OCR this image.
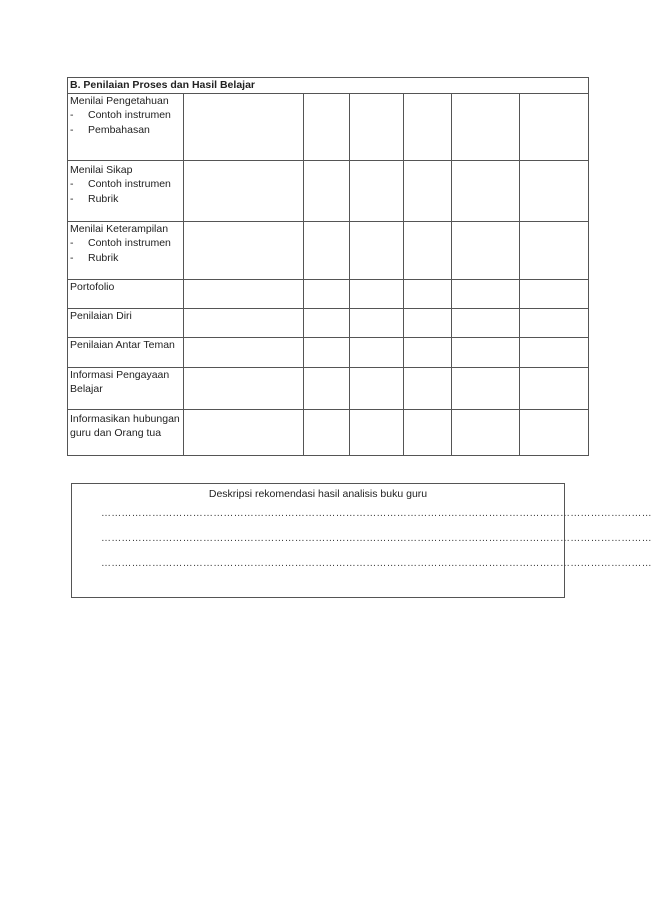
B. Penilaian Proses dan Hasil Belajar						

Menilai Pengetahuan
- Contoh instrumen
- Pembahasan						

Menilai Sikap
- Contoh instrumen
- Rubrik						

Menilai Keterampilan
- Contoh instrumen
- Rubrik						

Portofolio						
Penilaian Diri						
Penilaian Antar Teman						
Informasi Pengayaan Belajar						

Informasikan hubungan guru dan Orang tua						

Deskripsi rekomendasi hasil analisis buku guru
………………………………………………………………………………………………………………………………………………
………………………………………………………………………………………………………………………………………………
………………………………………………………………………………………………………………………………………………
